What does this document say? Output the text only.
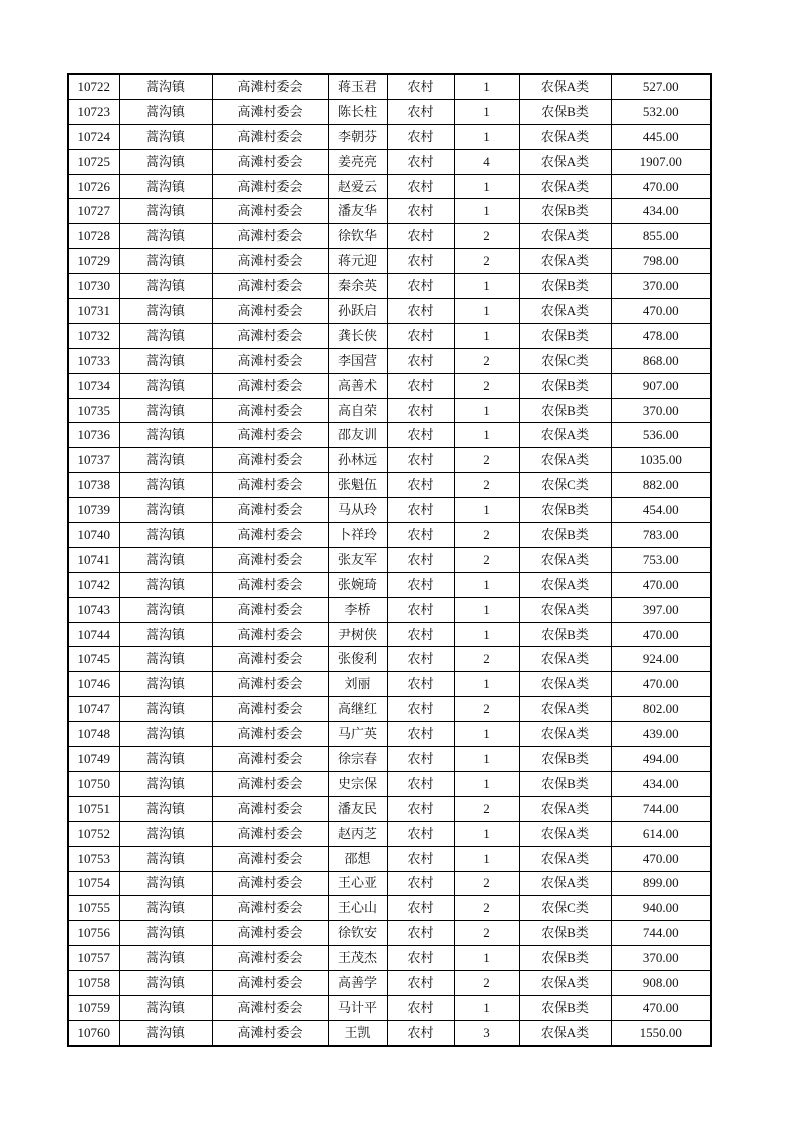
10722	蒿沟镇	高滩村委会	蒋玉君	农村	1	农保A类	527.00
10723	蒿沟镇	高滩村委会	陈长柱	农村	1	农保B类	532.00
10724	蒿沟镇	高滩村委会	李朝芬	农村	1	农保A类	445.00
10725	蒿沟镇	高滩村委会	姜亮亮	农村	4	农保A类	1907.00
10726	蒿沟镇	高滩村委会	赵爱云	农村	1	农保A类	470.00
10727	蒿沟镇	高滩村委会	潘友华	农村	1	农保B类	434.00
10728	蒿沟镇	高滩村委会	徐钦华	农村	2	农保A类	855.00
10729	蒿沟镇	高滩村委会	蒋元迎	农村	2	农保A类	798.00
10730	蒿沟镇	高滩村委会	秦余英	农村	1	农保B类	370.00
10731	蒿沟镇	高滩村委会	孙跃启	农村	1	农保A类	470.00
10732	蒿沟镇	高滩村委会	龚长侠	农村	1	农保B类	478.00
10733	蒿沟镇	高滩村委会	李国营	农村	2	农保C类	868.00
10734	蒿沟镇	高滩村委会	高善术	农村	2	农保B类	907.00
10735	蒿沟镇	高滩村委会	高自荣	农村	1	农保B类	370.00
10736	蒿沟镇	高滩村委会	邵友训	农村	1	农保A类	536.00
10737	蒿沟镇	高滩村委会	孙林远	农村	2	农保A类	1035.00
10738	蒿沟镇	高滩村委会	张魁伍	农村	2	农保C类	882.00
10739	蒿沟镇	高滩村委会	马从玲	农村	1	农保B类	454.00
10740	蒿沟镇	高滩村委会	卜祥玲	农村	2	农保B类	783.00
10741	蒿沟镇	高滩村委会	张友军	农村	2	农保A类	753.00
10742	蒿沟镇	高滩村委会	张婉琦	农村	1	农保A类	470.00
10743	蒿沟镇	高滩村委会	李桥	农村	1	农保A类	397.00
10744	蒿沟镇	高滩村委会	尹树侠	农村	1	农保B类	470.00
10745	蒿沟镇	高滩村委会	张俊利	农村	2	农保A类	924.00
10746	蒿沟镇	高滩村委会	刘丽	农村	1	农保A类	470.00
10747	蒿沟镇	高滩村委会	高继红	农村	2	农保A类	802.00
10748	蒿沟镇	高滩村委会	马广英	农村	1	农保A类	439.00
10749	蒿沟镇	高滩村委会	徐宗春	农村	1	农保B类	494.00
10750	蒿沟镇	高滩村委会	史宗保	农村	1	农保B类	434.00
10751	蒿沟镇	高滩村委会	潘友民	农村	2	农保A类	744.00
10752	蒿沟镇	高滩村委会	赵丙芝	农村	1	农保A类	614.00
10753	蒿沟镇	高滩村委会	邵想	农村	1	农保A类	470.00
10754	蒿沟镇	高滩村委会	王心亚	农村	2	农保A类	899.00
10755	蒿沟镇	高滩村委会	王心山	农村	2	农保C类	940.00
10756	蒿沟镇	高滩村委会	徐钦安	农村	2	农保B类	744.00
10757	蒿沟镇	高滩村委会	王茂杰	农村	1	农保B类	370.00
10758	蒿沟镇	高滩村委会	高善学	农村	2	农保A类	908.00
10759	蒿沟镇	高滩村委会	马计平	农村	1	农保B类	470.00
10760	蒿沟镇	高滩村委会	王凯	农村	3	农保A类	1550.00
